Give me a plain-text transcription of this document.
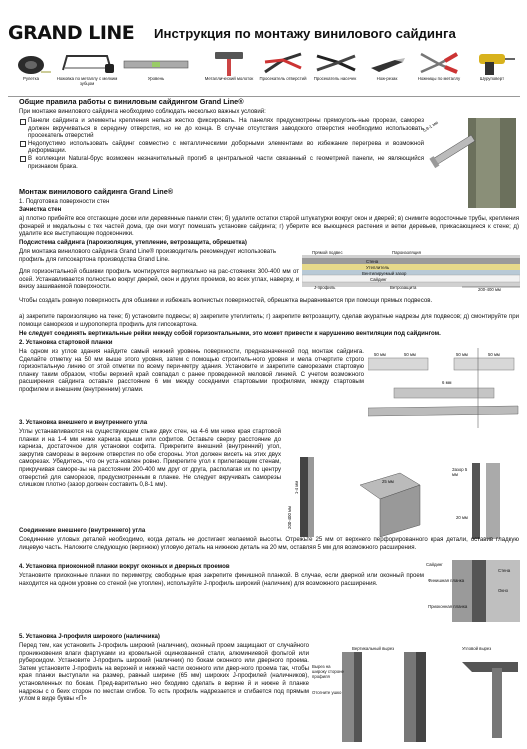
GRAND LINE Инструкция по монтажу винилового сайдинга
Рулетка	Ножовка по металлу с мелким зубцом
Уровень	Металлический молоток	Просекатель отверстий	Просекатель насечек	Нож-резак	Ножницы по металлу	Шуруповерт
Общие правила работы с виниловым сайдингом Grand Line®
При монтаже винилового сайдинга необходимо соблюдать несколько важных условий:
Панели сайдинга и элементы крепления нельзя жестко фиксировать. На панелях предусмотрены прямоуголь-ные прорези, саморез должен вкручиваться в середину отверстия, но не до конца. В случае отсутствия заводского отверстия необходимо использовать просекатель отверстий
Недопустимо использовать сайдинг совместно с металлическими доборными элементами во избежание перегрева и возможной деформации.
В коллекции Natural-брус возможен незначительный прогиб в центральной части связанный с геометрией панели, не являющийся признаком брака.
0,8-1 мм
Монтаж винилового сайдинга Grand Line®
1. Подготовка поверхности стен
Зачистка стен
а) плотно прибейте все отстающие доски или деревянные панели стен; б) удалите остатки старой штукатурки вокруг окон и дверей; в) снимите водосточные трубы, крепления фонарей и медальоны с тех частей дома, где они могут помешать установке сайдинга; г) уберите все выющиеся растения и ветки деревьев, прикасающиеся к стене; д) удалите все выступающие подоконники.
Подсистема сайдинга (пароизоляция, утепление, ветрозащита, обрешетка)
Для монтажа винилового сайдинга Grand Line® производитель рекомендует использовать профиль для гипсокартона производства Grand Line.
Для горизонтальной обшивки профиль монтируется вертикально на рас-стояниях 300-400 мм от осей. Устанавливается полностью вокруг дверей, окон и других проемов, во всех углах, наверху, и внизу зашиваемой поверхности.
Чтобы создать ровную поверхность для обшивки и избежать волнистых поверхностей, обрешетка выравнивается при помощи прямых подвесов.
а) закрепите пароизоляцию на тене; б) установите подвесы; в) закрепите утеплитель; г) закрепите ветрозащиту, сделав акуратные надрезы для подвесов; д) смонтируйте при помощи саморезов и шуропоперта профиль для гипсокартона.
Не следует соединять вертикальные рейки между собой горизонтальными, это может привести к нарушению вентиляции под сайдингом.
Прямой подвес	Пароизоляция
Стена
Утеплитель
Вентилируемый зазор
Сайдинг
J-профиль	Ветрозащита	200-400 мм
2. Установка стартовой планки
На одном из углов здания найдите самый нижний уровень поверхности, предназначенной под монтаж сайдинга. Сделайте отметку на 50 мм выше этого уровня, затем с помощью строитель-ного уровня и мела отчертите строго горизонтальную линию от этой отметки по всему пери-метру здания. Установите и закрепите саморезами стартовую планку таким образом, чтобы верхний край совпадал с ранее проведенной меловой линией. С учетом возможного расширения сайдинга оставьте расстояние 6 мм между соседними стартовыми профилями, между стартовым профилем и внешним (внутренним) углами.
50 мм	50 мм	50 мм	50 мм
6 мм
3. Установка внешнего и внутреннего угла
Углы устанавливаются на существующем стыке двух стен, на 4-6 мм ниже края стартовой планки и на 1-4 мм ниже карниза крыши или софитов. Оставьте сверху расстояние до карниза, достаточное для установки софита. Прикрепите внешний (внутренний) угол, закрутив саморезы в верхние отверстия по обе стороны. Угол должен висеть на этих двух саморезах. Убедитесь, что он уста-новлен ровно. Прикрепите угол к прилегающим стенам, прикручивая саморе-зы на расстоянии 200-400 мм друг от друга, располагая их по центру отверстий для саморезов, предусмотренным в планке. Не следует вкручивать саморезы слишком плотно (зазор должен составить 0,8-1 мм).	1-4 мм
200-400 мм
25 мм
Зазор 5 мм
20 мм
Соединение внешнего (внутреннего) угла
Соединение угловых деталей необходимо, когда деталь не достигает желаемой высоты. Отрежьте 25 мм от верхнего перфорированного края детали, оставив гладкую лицевую часть. Наложите следующую (верхнюю) угловую деталь на нижнюю деталь на 20 мм, оставляя 5 мм для возможного расширения.
4. Установка приоконной планки вокруг оконных и дверных проемов
Установите приоконные планки по периметру, свободные края закрепите финишной планкой. В случае, если дверной или оконный проем находится на одном уровне со стеной (не утоплен), используйте J-профиль широкий (наличник) для возможного расширения.
Сайдинг
Стена
Финишная планка
Окно
Приоконная планка
5. Установка J-профиля широкого (наличника)
Перед тем, как установить J-профиль широкий (наличник), оконный проем защищают от случайного проникновения влаги фартуками из кровельной оцинкованной стали, алюминиевой фольгой или рубероидом. Установите J-профиль широкий (наличник) по бокам оконного или дверного проема. Затем установите J-профиль на верхней и нижней части оконного или двер-ного проема так, чтобы края планки выступали на размер, равный ширине (65 мм) широких J-профилей (наличников), установленных по бокам. Пред-варительно нео бходимо сделать в верхне й и нижне й планке надрезы с о беих сторон по местам сгибов. То есть профиль надрезается и сгибается под прямым углом в виде буквы «П»
Вертикальный вырез	Угловой вырез
Вырез на широку стороне профиля
Отогните ушко
